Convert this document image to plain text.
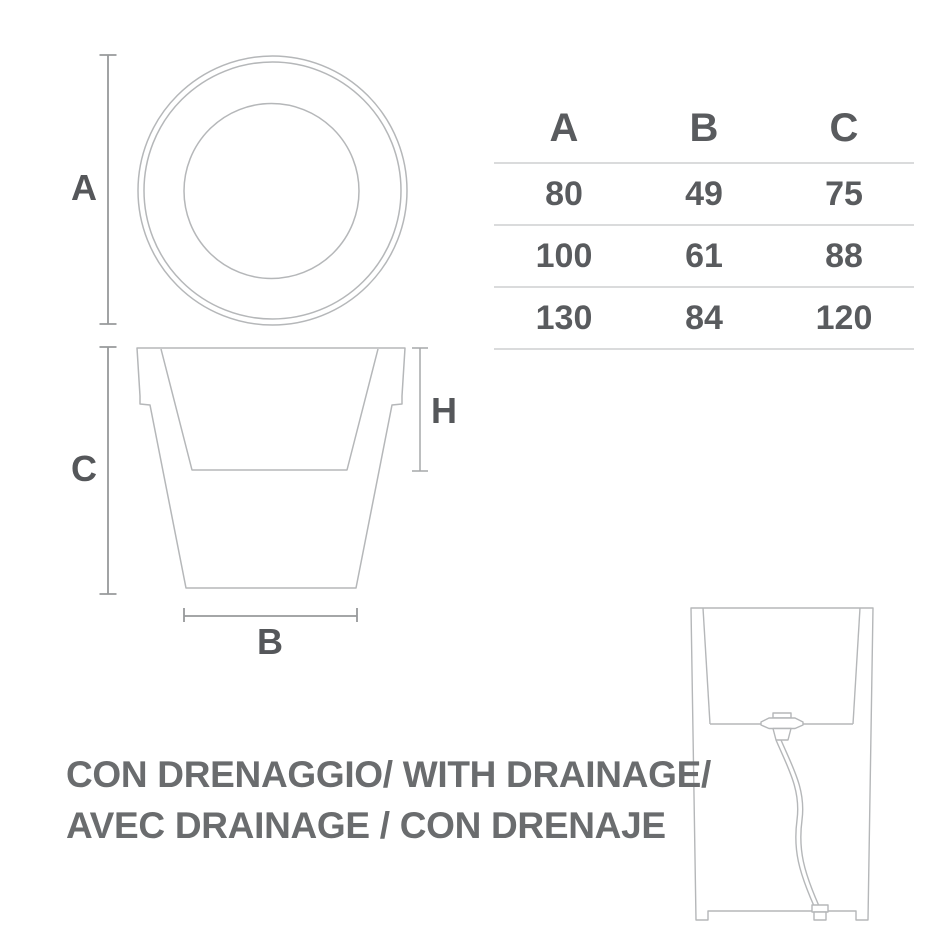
A
C
H
B
A	B	C
80	49	75
100	61	88
130	84	120
CON DRENAGGIO/ WITH DRAINAGE/
AVEC DRAINAGE / CON DRENAJE
